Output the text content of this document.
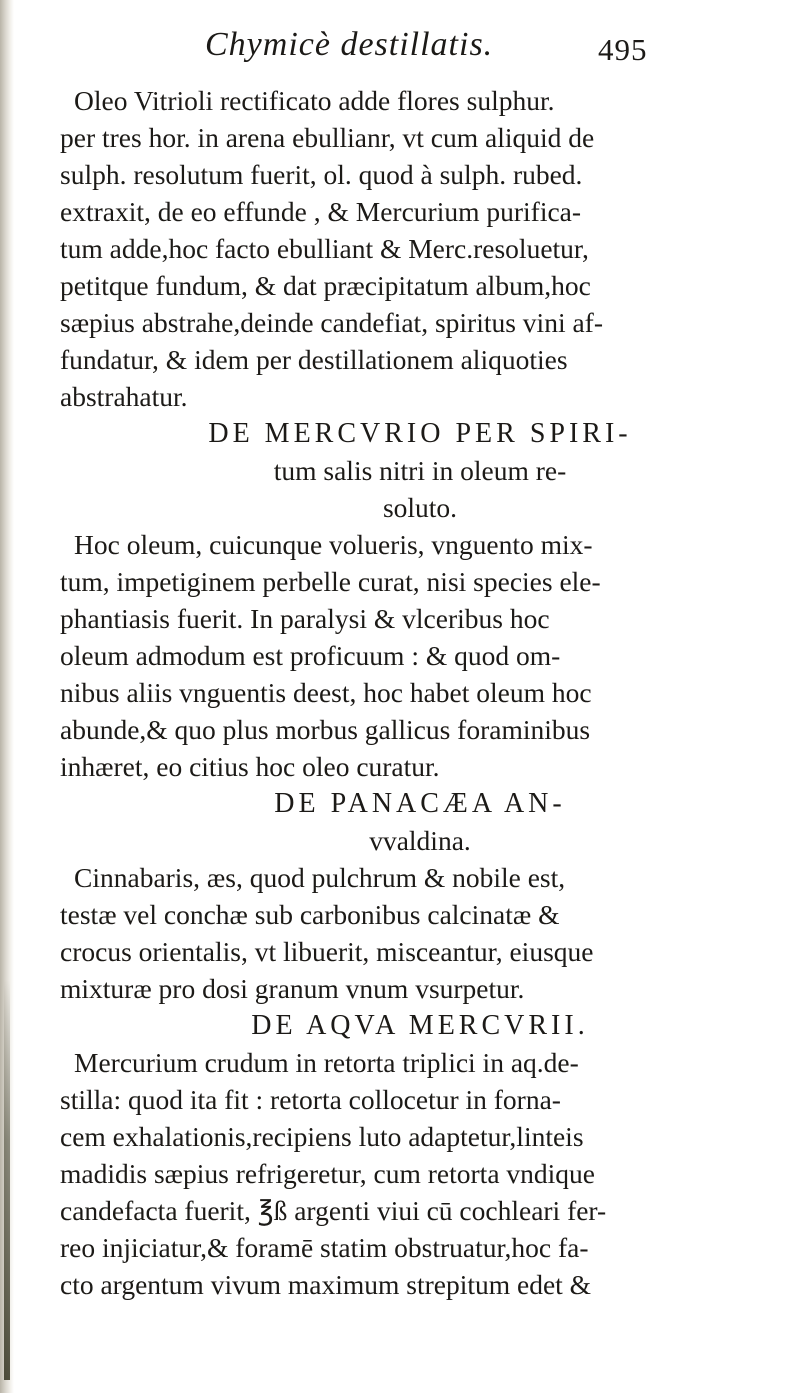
Chymicè destillatis.	495
Oleo Vitrioli rectificato adde flores sulphur.
per tres hor. in arena ebullianr, vt cum aliquid de
sulph. resolutum fuerit, ol. quod à sulph. rubed.
extraxit, de eo effunde , & Mercurium purifica-
tum adde,hoc facto ebulliant & Merc.resoluetur,
petitque fundum, & dat præcipitatum album,hoc
sæpius abstrahe,deinde candefiat, spiritus vini af-
fundatur, & idem per destillationem aliquoties
abstrahatur.
DE MERCVRIO PER SPIRI-
tum salis nitri in oleum re-
soluto.
Hoc oleum, cuicunque volueris, vnguento mix-
tum, impetiginem perbelle curat, nisi species ele-
phantiasis fuerit. In paralysi & vlceribus hoc
oleum admodum est proficuum : & quod om-
nibus aliis vnguentis deest, hoc habet oleum hoc
abunde,& quo plus morbus gallicus foraminibus
inhæret, eo citius hoc oleo curatur.
DE PANACÆA AN-
vvaldina.
Cinnabaris, æs, quod pulchrum & nobile est,
testæ vel conchæ sub carbonibus calcinatæ &
crocus orientalis, vt libuerit, misceantur, eiusque
mixturæ pro dosi granum vnum vsurpetur.
DE AQVA MERCVRII.
Mercurium crudum in retorta triplici in aq.de-
stilla: quod ita fit : retorta collocetur in forna-
cem exhalationis,recipiens luto adaptetur,linteis
madidis sæpius refrigeretur, cum retorta vndique
candefacta fuerit, ℥ß argenti viui cū cochleari fer-
reo injiciatur,& foramē statim obstruatur,hoc fa-
cto argentum vivum maximum strepitum edet &
